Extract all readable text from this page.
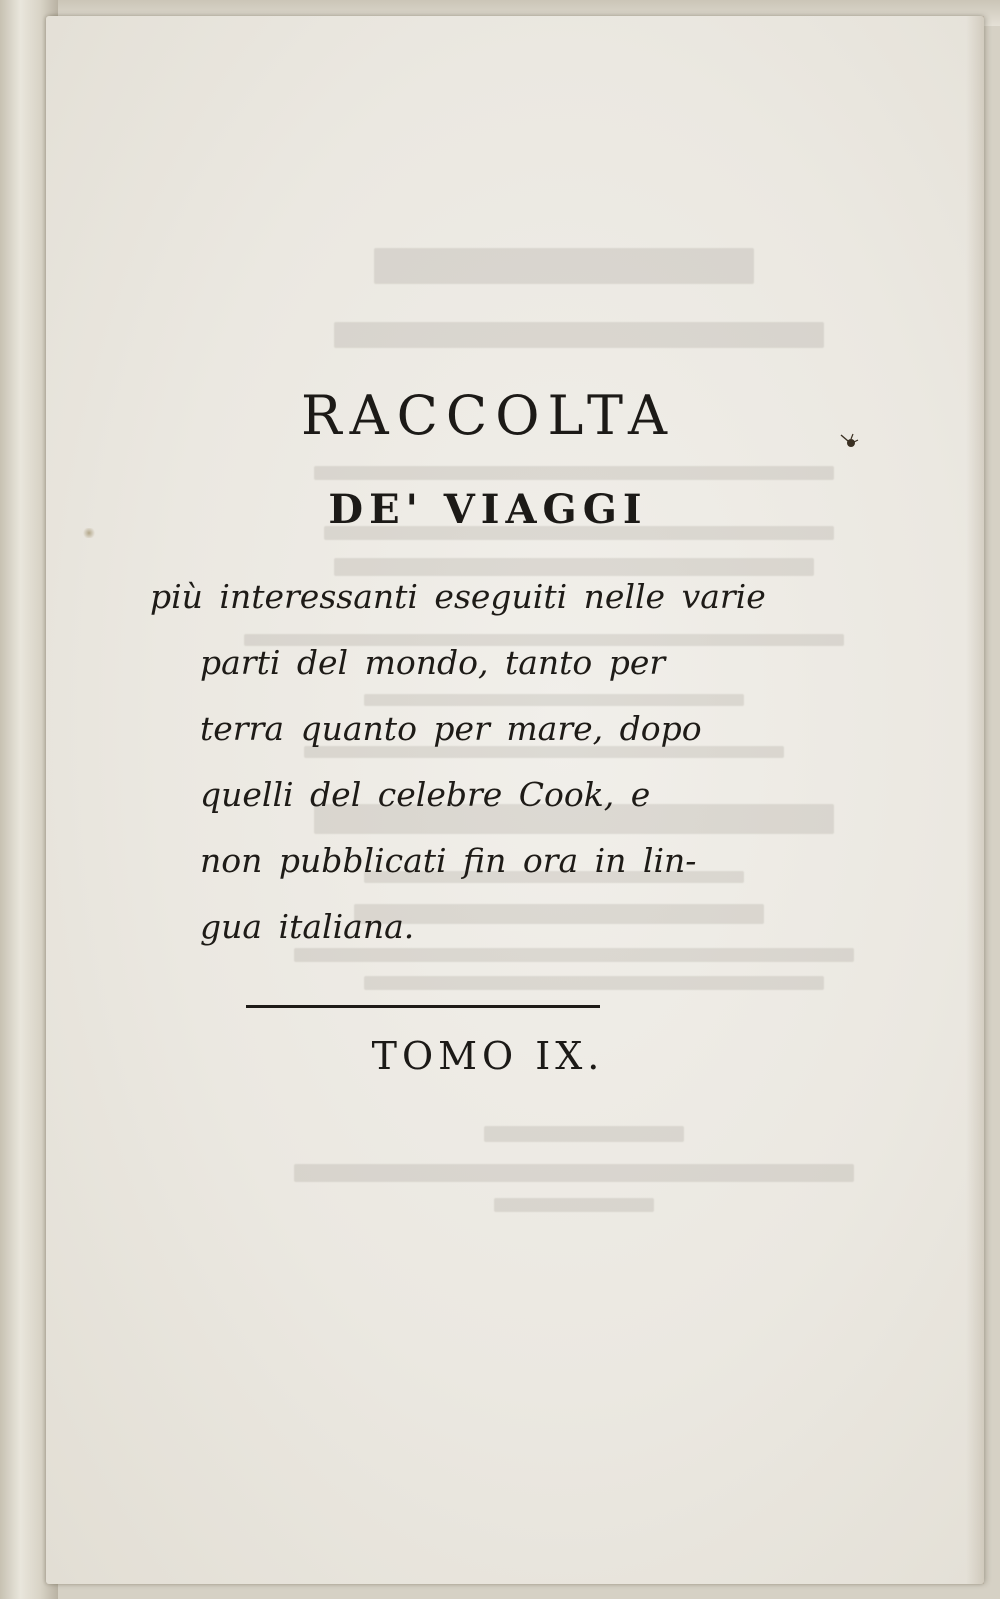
RACCOLTA
DE' VIAGGI
più interessanti eseguiti nelle varie
parti del mondo, tanto per
terra quanto per mare, dopo
quelli del celebre Cook, e
non pubblicati fin ora in lin-
gua italiana.
TOMO IX.
